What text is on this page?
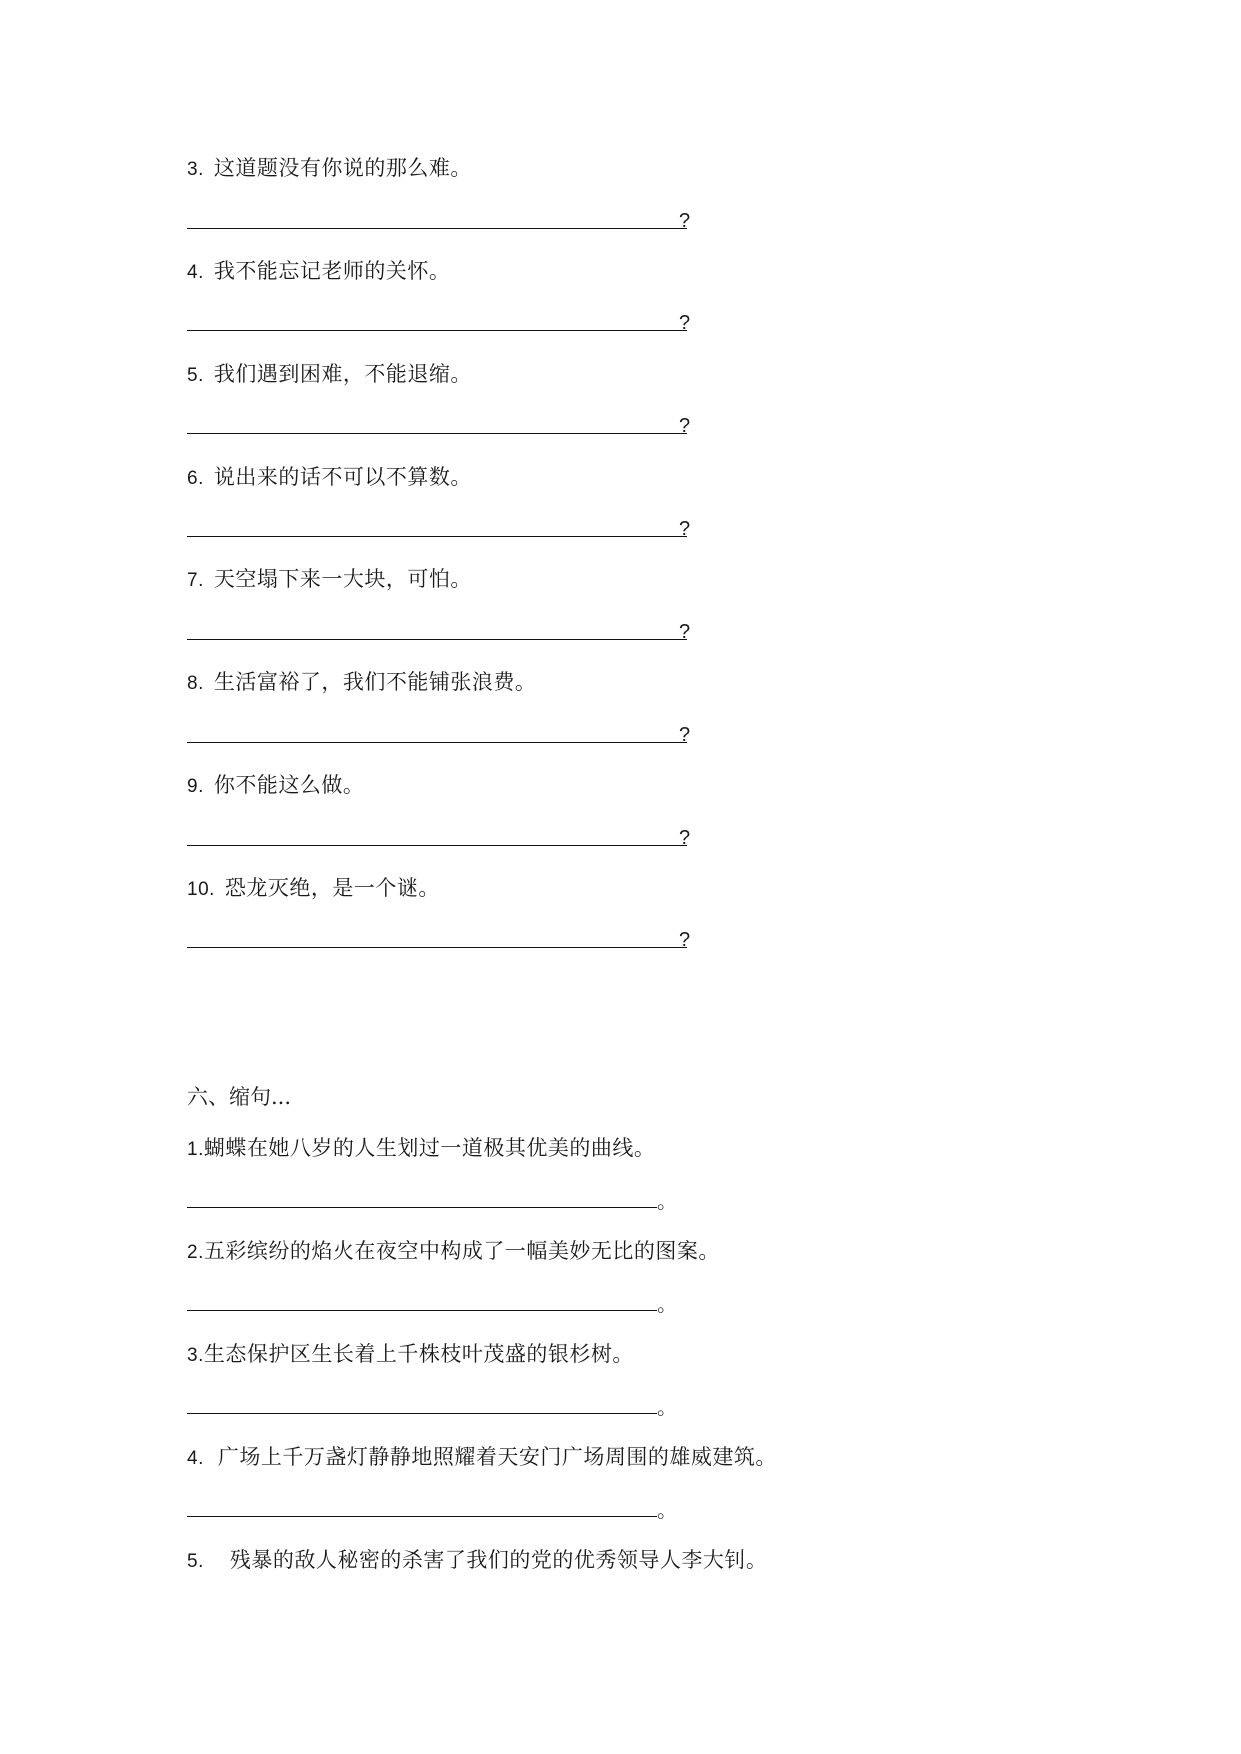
3. 这道题没有你说的那么难。
?
4. 我不能忘记老师的关怀。
?
5. 我们遇到困难，不能退缩。
?
6. 说出来的话不可以不算数。
?
7. 天空塌下来一大块，可怕。
?
8. 生活富裕了，我们不能铺张浪费。
?
9. 你不能这么做。
?
10. 恐龙灭绝，是一个谜。
?
六、缩句...
1.蝴蝶在她八岁的人生划过一道极其优美的曲线。
。
2.五彩缤纷的焰火在夜空中构成了一幅美妙无比的图案。
。
3.生态保护区生长着上千株枝叶茂盛的银杉树。
。
4. 广场上千万盏灯静静地照耀着天安门广场周围的雄威建筑。
。
5. 残暴的敌人秘密的杀害了我们的党的优秀领导人李大钊。
